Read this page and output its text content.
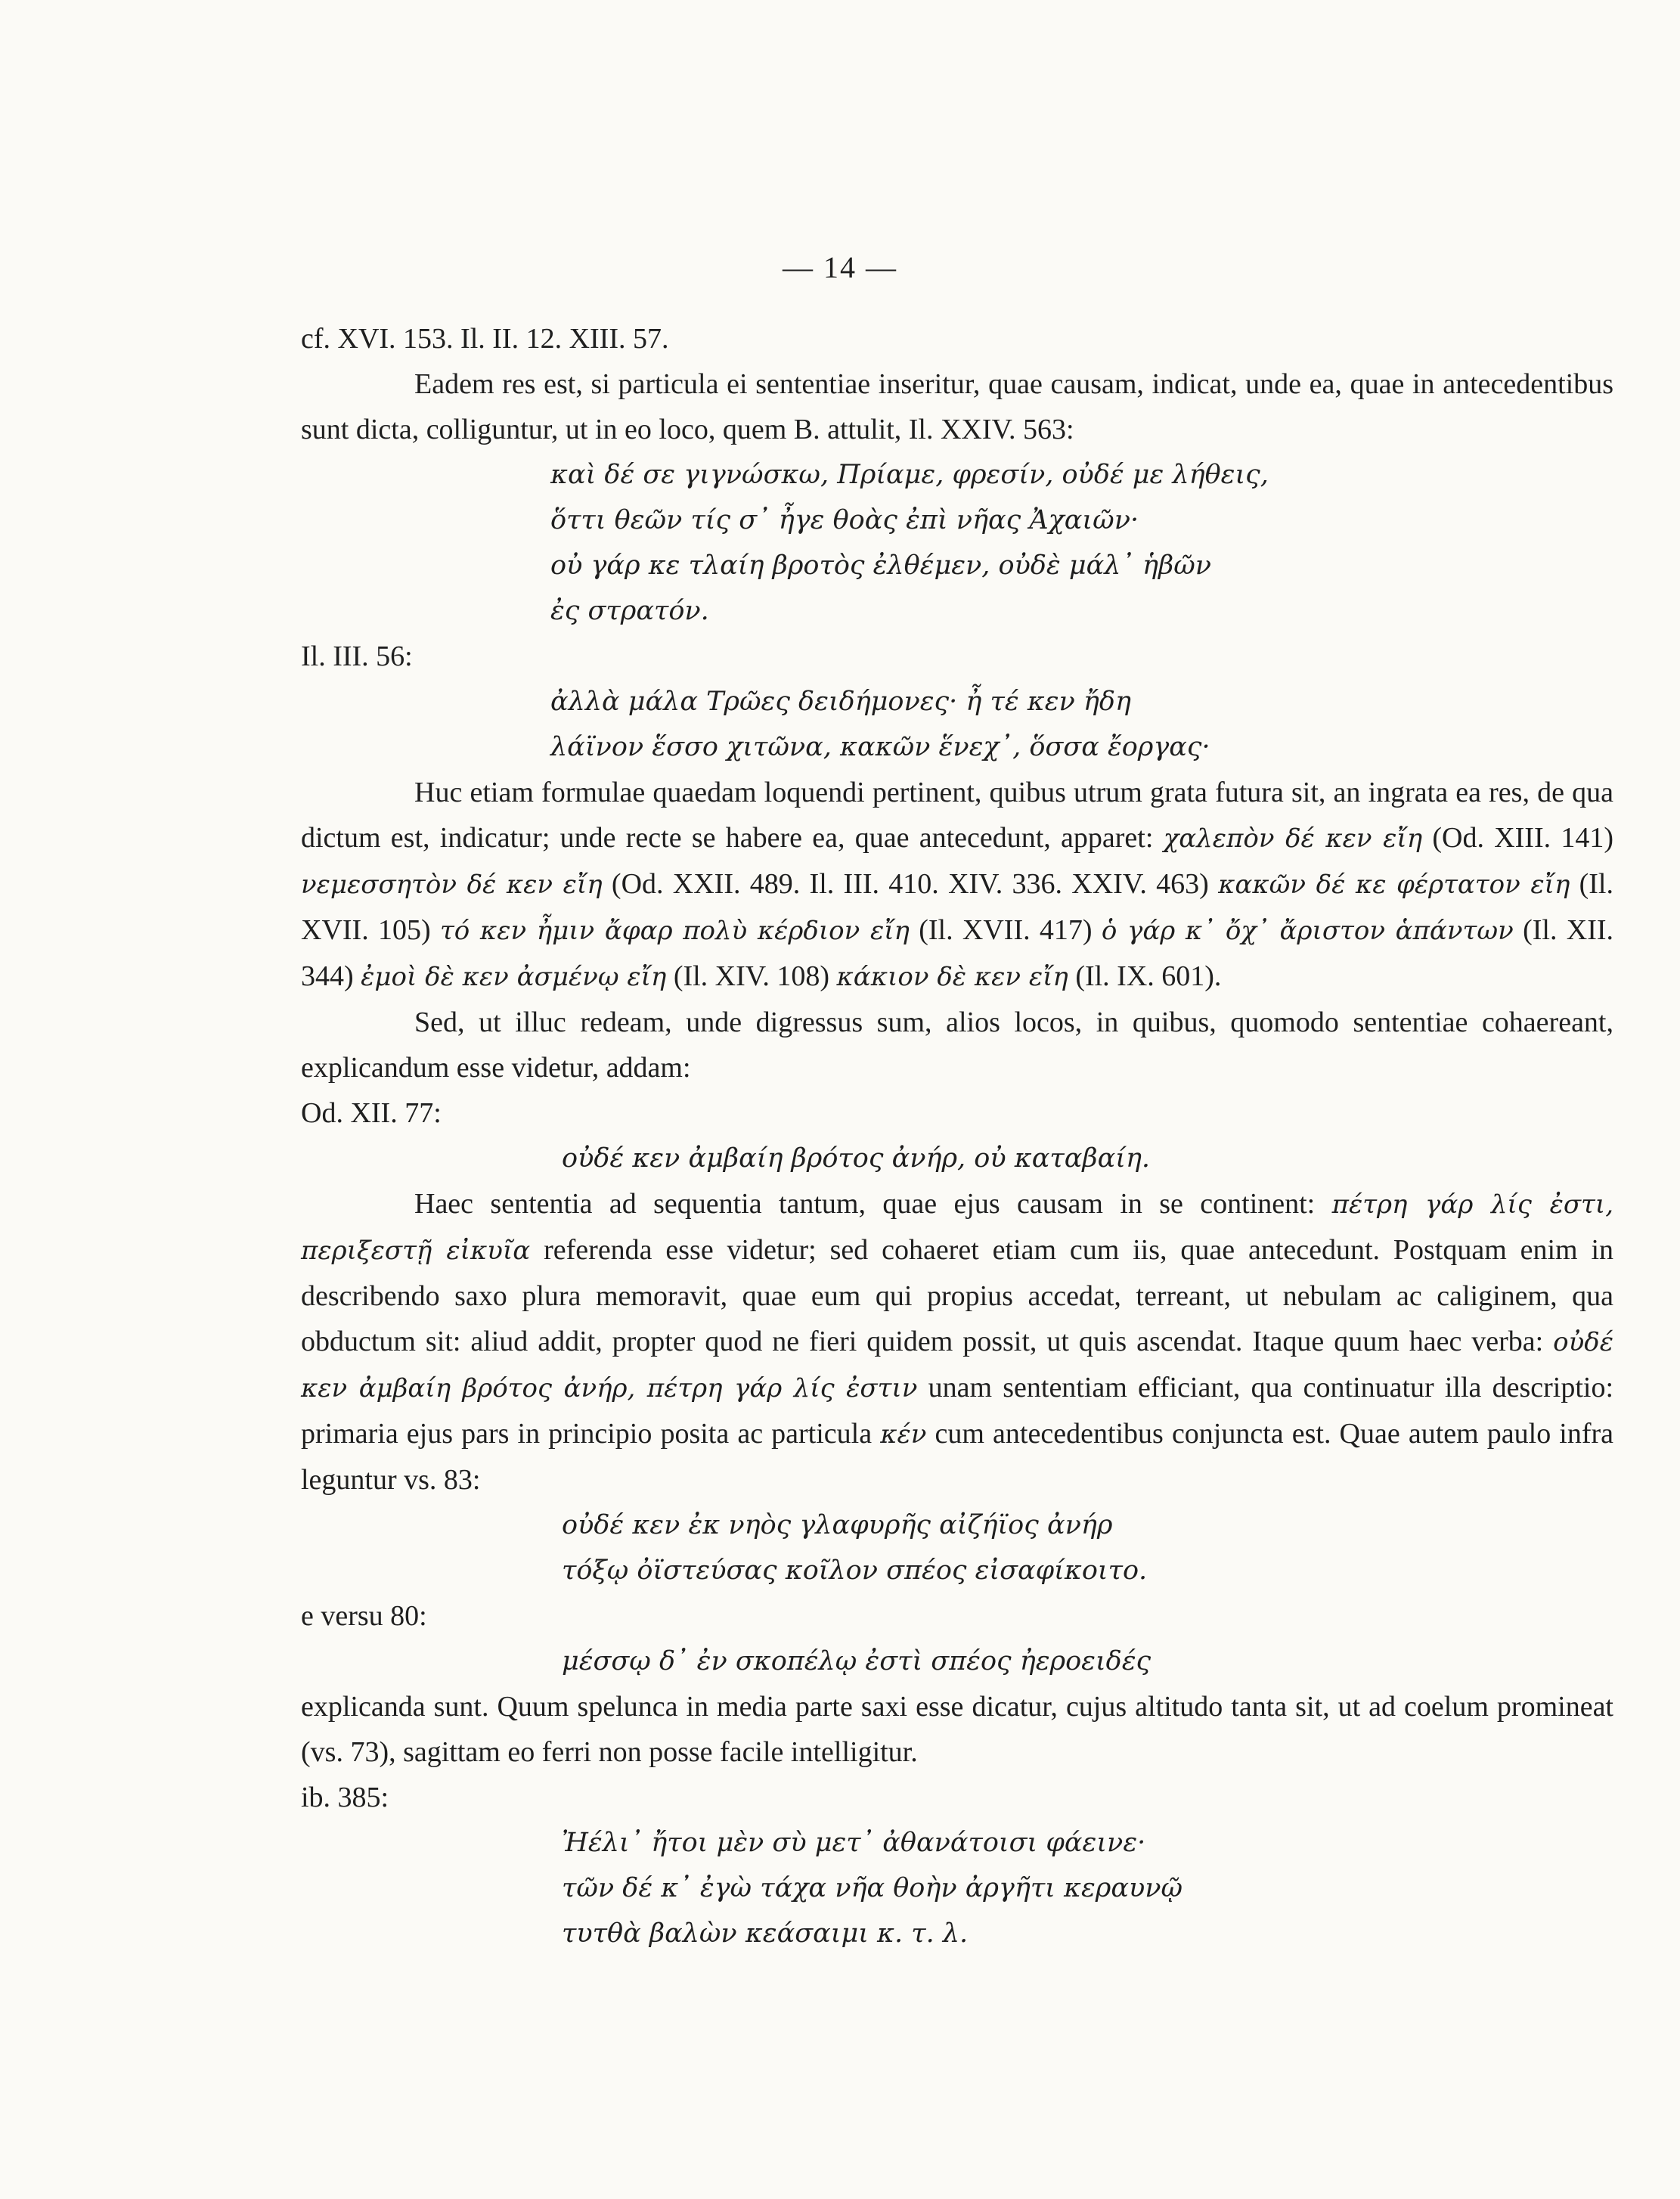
— 14 —

cf. XVI. 153. Il. II. 12. XIII. 57.

Eadem res est, si particula ei sententiae inseritur, quae causam, indicat, unde ea, quae in antecedentibus sunt dicta, colliguntur, ut in eo loco, quem B. attulit, Il. XXIV. 563:

καὶ δέ σε γιγνώσκω, Πρίαμε, φρεσίν, οὐδέ με λήθεις,
ὅττι θεῶν τίς σ᾽ ἦγε θοὰς ἐπὶ νῆας Ἀχαιῶν·
οὐ γάρ κε τλαίη βροτὸς ἐλθέμεν, οὐδὲ μάλ᾽ ἡβῶν
ἐς στρατόν.

Il. III. 56:

ἀλλὰ μάλα Τρῶες δειδήμονες· ἦ τέ κεν ἤδη
λάϊνον ἕσσο χιτῶνα, κακῶν ἕνεχ᾽, ὅσσα ἔοργας·

Huc etiam formulae quaedam loquendi pertinent, quibus utrum grata futura sit, an ingrata ea res, de qua dictum est, indicatur; unde recte se habere ea, quae antecedunt, apparet: χαλεπὸν δέ κεν εἴη (Od. XIII. 141) νεμεσσητὸν δέ κεν εἴη (Od. XXII. 489. Il. III. 410. XIV. 336. XXIV. 463) κακῶν δέ κε φέρτατον εἴη (Il. XVII. 105) τό κεν ἦμιν ἄφαρ πολὺ κέρδιον εἴη (Il. XVII. 417) ὁ γάρ κ᾽ ὄχ᾽ ἄριστον ἁπάντων (Il. XII. 344) ἐμοὶ δὲ κεν ἀσμένῳ εἴη (Il. XIV. 108) κάκιον δὲ κεν εἴη (Il. IX. 601).

Sed, ut illuc redeam, unde digressus sum, alios locos, in quibus, quomodo sententiae cohaereant, explicandum esse videtur, addam:

Od. XII. 77:

οὐδέ κεν ἀμβαίη βρότος ἀνήρ, οὐ καταβαίη.

Haec sententia ad sequentia tantum, quae ejus causam in se continent: πέτρη γάρ λίς ἐστι, περιξεστῇ εἰκυῖα referenda esse videtur; sed cohaeret etiam cum iis, quae antecedunt. Postquam enim in describendo saxo plura memoravit, quae eum qui propius accedat, terreant, ut nebulam ac caliginem, qua obductum sit: aliud addit, propter quod ne fieri quidem possit, ut quis ascendat. Itaque quum haec verba: οὐδέ κεν ἀμβαίη βρότος ἀνήρ, πέτρη γάρ λίς ἐστιν unam sententiam efficiant, qua continuatur illa descriptio: primaria ejus pars in principio posita ac particula κέν cum antecedentibus conjuncta est. Quae autem paulo infra leguntur vs. 83:

οὐδέ κεν ἐκ νηὸς γλαφυρῆς αἰζήϊος ἀνήρ
τόξῳ ὀϊστεύσας κοῖλον σπέος εἰσαφίκοιτο.

e versu 80:

μέσσῳ δ᾽ ἐν σκοπέλῳ ἐστὶ σπέος ἠεροειδές

explicanda sunt. Quum spelunca in media parte saxi esse dicatur, cujus altitudo tanta sit, ut ad coelum promineat (vs. 73), sagittam eo ferri non posse facile intelligitur.

ib. 385:

Ἠέλι᾽ ἤτοι μὲν σὺ μετ᾽ ἀθανάτοισι φάεινε·
τῶν δέ κ᾽ ἐγὼ τάχα νῆα θοὴν ἀργῆτι κεραυνῷ
τυτθὰ βαλὼν κεάσαιμι κ. τ. λ.
